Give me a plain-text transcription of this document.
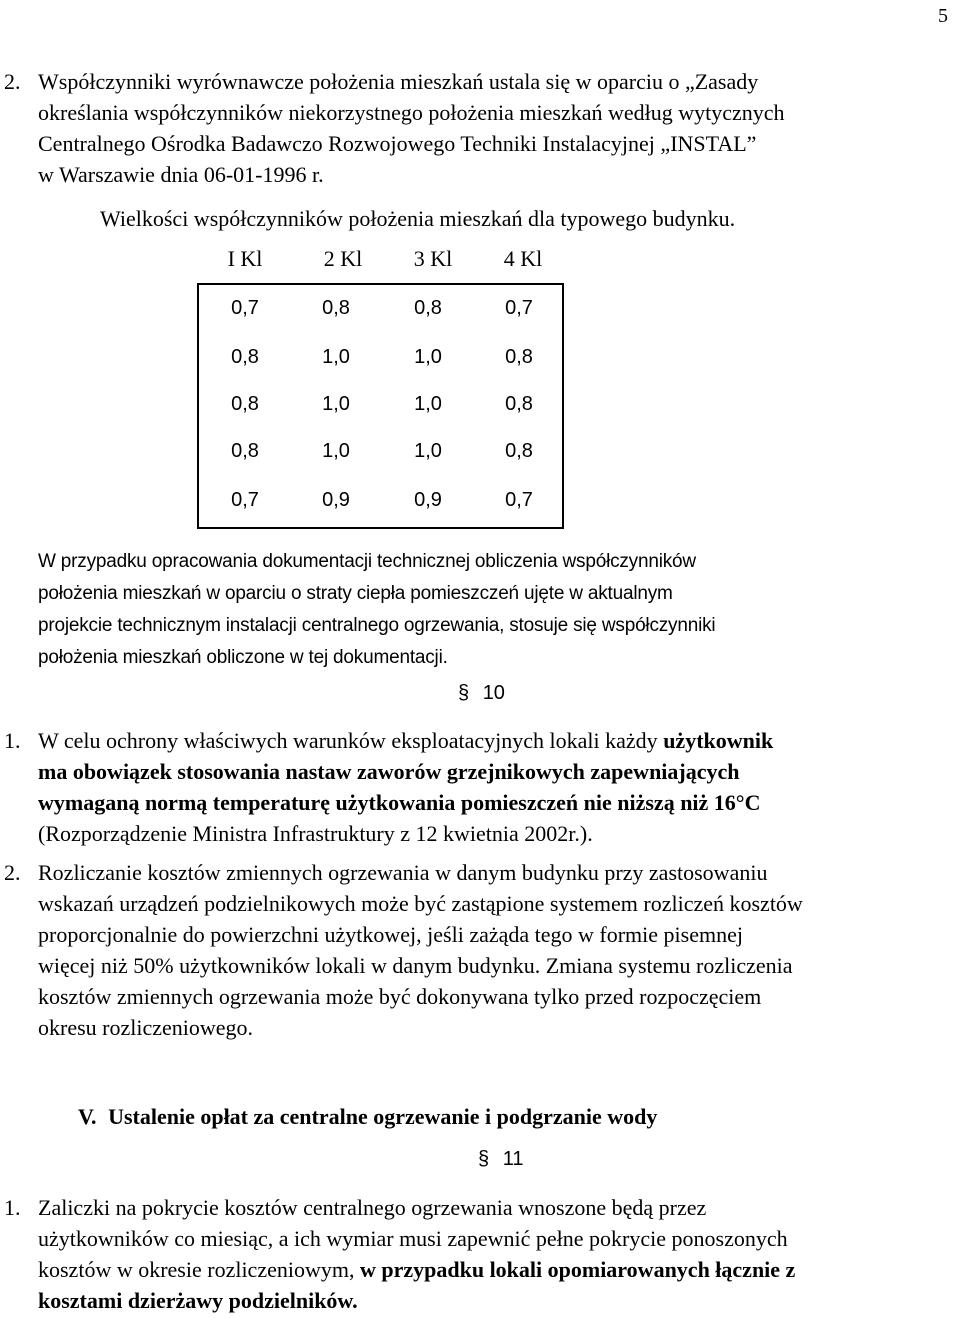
5
2. Współczynniki wyrównawcze położenia mieszkań ustala się w oparciu o „Zasady
określania współczynników niekorzystnego położenia mieszkań według wytycznych
Centralnego Ośrodka Badawczo Rozwojowego Techniki Instalacyjnej „INSTAL”
w Warszawie dnia 06-01-1996 r.
Wielkości współczynników położenia mieszkań dla typowego budynku.
I Kl	2 Kl	3 Kl	4 Kl
0,7	0,8	0,8	0,7
0,8	1,0	1,0	0,8
0,8	1,0	1,0	0,8
0,8	1,0	1,0	0,8
0,7	0,9	0,9	0,7
W przypadku opracowania dokumentacji technicznej obliczenia współczynników
położenia mieszkań w oparciu o straty ciepła pomieszczeń ujęte w aktualnym
projekcie technicznym instalacji centralnego ogrzewania, stosuje się współczynniki
położenia mieszkań obliczone w tej dokumentacji.
§ 10
1. W celu ochrony właściwych warunków eksploatacyjnych lokali każdy użytkownik
ma obowiązek stosowania nastaw zaworów grzejnikowych zapewniających
wymaganą normą temperaturę użytkowania pomieszczeń nie niższą niż 16°C
(Rozporządzenie Ministra Infrastruktury z 12 kwietnia 2002r.).
2. Rozliczanie kosztów zmiennych ogrzewania w danym budynku przy zastosowaniu
wskazań urządzeń podzielnikowych może być zastąpione systemem rozliczeń kosztów
proporcjonalnie do powierzchni użytkowej, jeśli zażąda tego w formie pisemnej
więcej niż 50% użytkowników lokali w danym budynku. Zmiana systemu rozliczenia
kosztów zmiennych ogrzewania może być dokonywana tylko przed rozpoczęciem
okresu rozliczeniowego.
V. Ustalenie opłat za centralne ogrzewanie i podgrzanie wody
§ 11
1. Zaliczki na pokrycie kosztów centralnego ogrzewania wnoszone będą przez
użytkowników co miesiąc, a ich wymiar musi zapewnić pełne pokrycie ponoszonych
kosztów w okresie rozliczeniowym, w przypadku lokali opomiarowanych łącznie z
kosztami dzierżawy podzielników.
